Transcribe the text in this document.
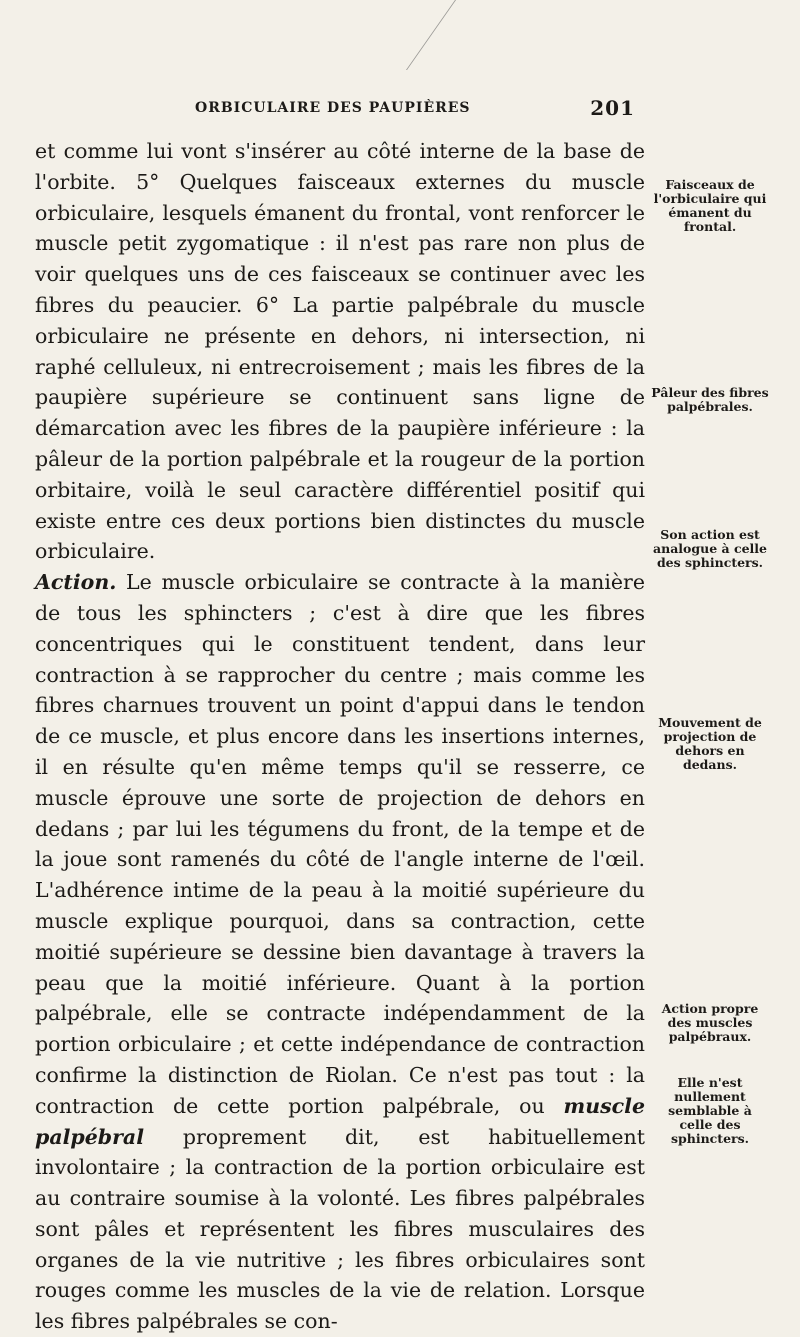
ORBICULAIRE DES PAUPIÈRES	201

et comme lui vont s'insérer au côté interne de la base de l'orbite. 5° Quelques faisceaux externes du muscle orbiculaire, lesquels émanent du frontal, vont renforcer le muscle petit zygomatique : il n'est pas rare non plus de voir quelques uns de ces faisceaux se continuer avec les fibres du peaucier. 6° La partie palpébrale du muscle orbiculaire ne présente en dehors, ni intersection, ni raphé celluleux, ni entrecroisement ; mais les fibres de la paupière supérieure se continuent sans ligne de démarcation avec les fibres de la paupière inférieure : la pâleur de la portion palpébrale et la rougeur de la portion orbitaire, voilà le seul caractère différentiel positif qui existe entre ces deux portions bien distinctes du muscle orbiculaire.

Action. Le muscle orbiculaire se contracte à la manière de tous les sphincters ; c'est à dire que les fibres concentriques qui le constituent tendent, dans leur contraction à se rapprocher du centre ; mais comme les fibres charnues trouvent un point d'appui dans le tendon de ce muscle, et plus encore dans les insertions internes, il en résulte qu'en même temps qu'il se resserre, ce muscle éprouve une sorte de projection de dehors en dedans ; par lui les tégumens du front, de la tempe et de la joue sont ramenés du côté de l'angle interne de l'œil. L'adhérence intime de la peau à la moitié supérieure du muscle explique pourquoi, dans sa contraction, cette moitié supérieure se dessine bien davantage à travers la peau que la moitié inférieure. Quant à la portion palpébrale, elle se contracte indépendamment de la portion orbiculaire ; et cette indépendance de contraction confirme la distinction de Riolan. Ce n'est pas tout : la contraction de cette portion palpébrale, ou muscle palpébral proprement dit, est habituellement involontaire ; la contraction de la portion orbiculaire est au contraire soumise à la volonté. Les fibres palpébrales sont pâles et représentent les fibres musculaires des organes de la vie nutritive ; les fibres orbiculaires sont rouges comme les muscles de la vie de relation. Lorsque les fibres palpébrales se con-

Faisceaux de l'orbiculaire qui émanent du frontal.
Pâleur des fibres palpébrales.
Son action est analogue à celle des sphincters.
Mouvement de projection de dehors en dedans.
Action propre des muscles palpébraux.
Elle n'est nullement semblable à celle des sphincters.
